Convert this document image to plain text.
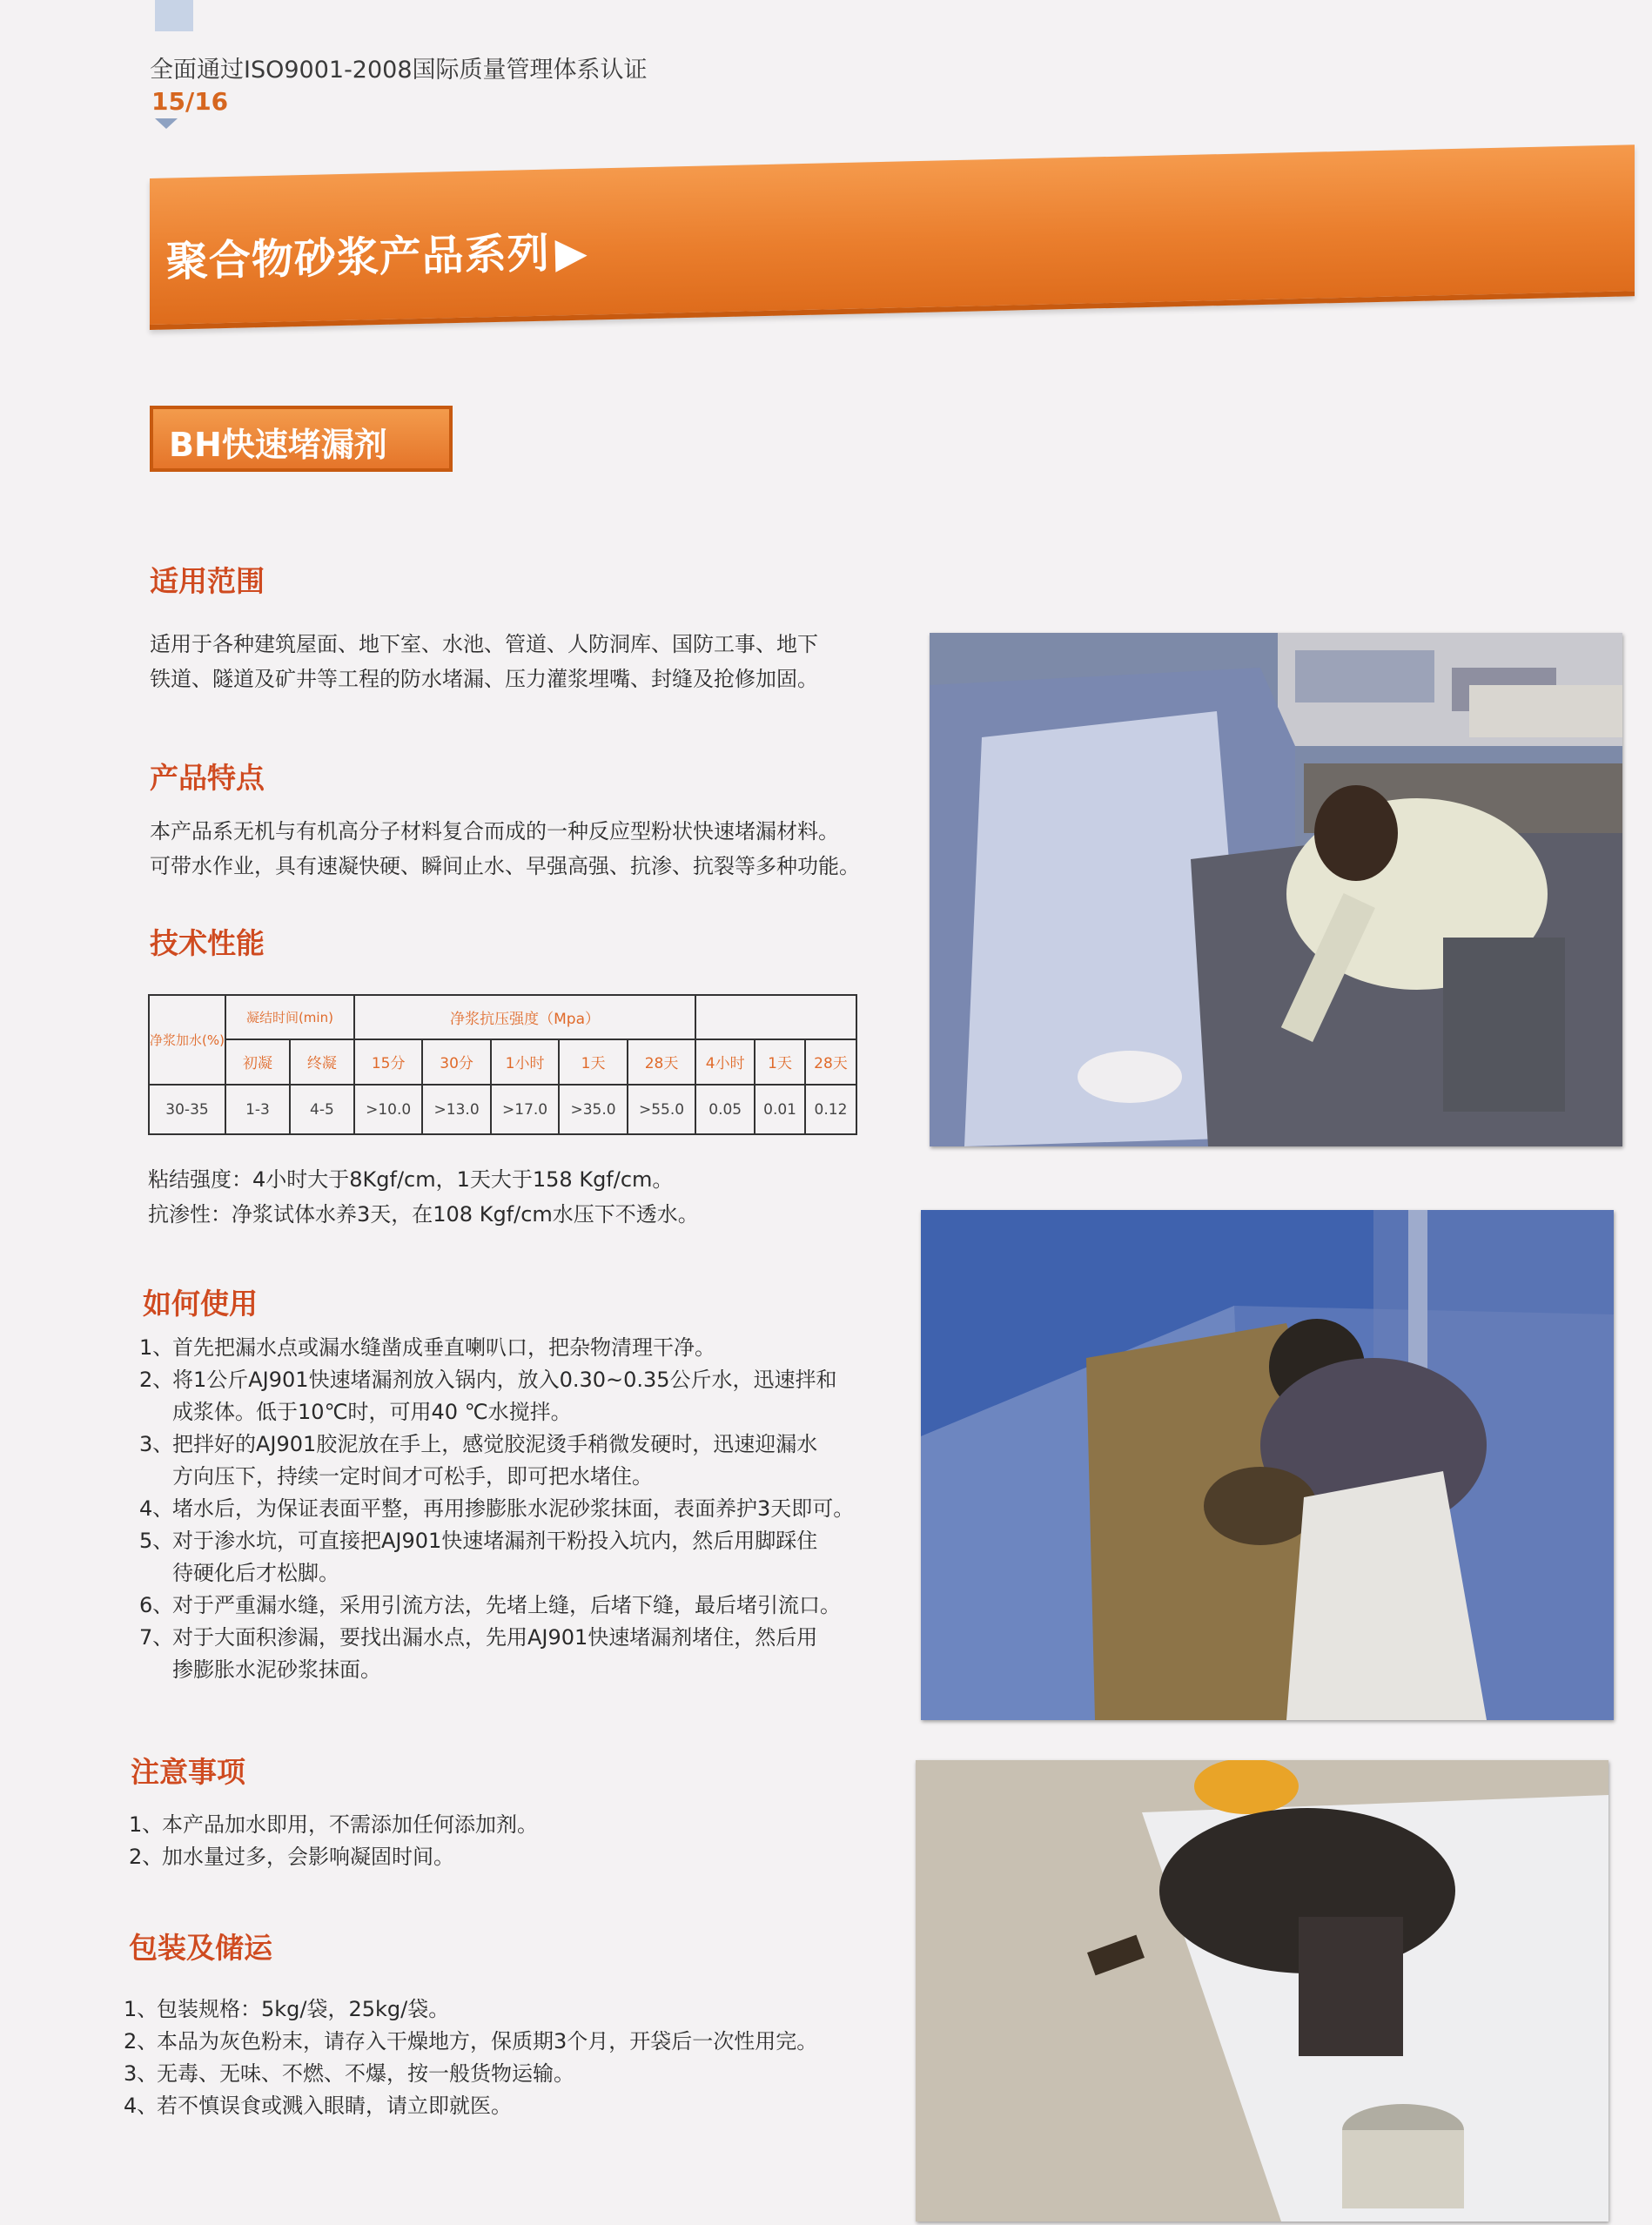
全面通过ISO9001-2008国际质量管理体系认证
15/16
聚合物砂浆产品系列▶
BH快速堵漏剂
适用范围
适用于各种建筑屋面、地下室、水池、管道、人防洞库、国防工事、地下
铁道、隧道及矿井等工程的防水堵漏、压力灌浆埋嘴、封缝及抢修加固。
产品特点
本产品系无机与有机高分子材料复合而成的一种反应型粉状快速堵漏材料。
可带水作业，具有速凝快硬、瞬间止水、早强高强、抗渗、抗裂等多种功能。
技术性能
净浆加水(%)	凝结时间(min)		净浆抗压强度（Mpa）							
	初凝	终凝	15分	30分	1小时	1天	28天	4小时	1天	28天
30-35	1-3	4-5	>10.0	>13.0	>17.0	>35.0	>55.0	0.05	0.01	0.12
粘结强度：4小时大于8Kgf/cm，1天大于158 Kgf/cm。
抗渗性：净浆试体水养3天，在108 Kgf/cm水压下不透水。
如何使用
1、首先把漏水点或漏水缝凿成垂直喇叭口，把杂物清理干净。
2、将1公斤AJ901快速堵漏剂放入锅内，放入0.30~0.35公斤水，迅速拌和
成浆体。低于10℃时，可用40 ℃水搅拌。
3、把拌好的AJ901胶泥放在手上，感觉胶泥烫手稍微发硬时，迅速迎漏水
方向压下，持续一定时间才可松手，即可把水堵住。
4、堵水后，为保证表面平整，再用掺膨胀水泥砂浆抹面，表面养护3天即可。
5、对于渗水坑，可直接把AJ901快速堵漏剂干粉投入坑内，然后用脚踩住
待硬化后才松脚。
6、对于严重漏水缝，采用引流方法，先堵上缝，后堵下缝，最后堵引流口。
7、对于大面积渗漏，要找出漏水点，先用AJ901快速堵漏剂堵住，然后用
掺膨胀水泥砂浆抹面。
注意事项
1、本产品加水即用，不需添加任何添加剂。
2、加水量过多，会影响凝固时间。
包装及储运
1、包装规格：5kg/袋，25kg/袋。
2、本品为灰色粉末，请存入干燥地方，保质期3个月，开袋后一次性用完。
3、无毒、无味、不燃、不爆，按一般货物运输。
4、若不慎误食或溅入眼睛，请立即就医。
